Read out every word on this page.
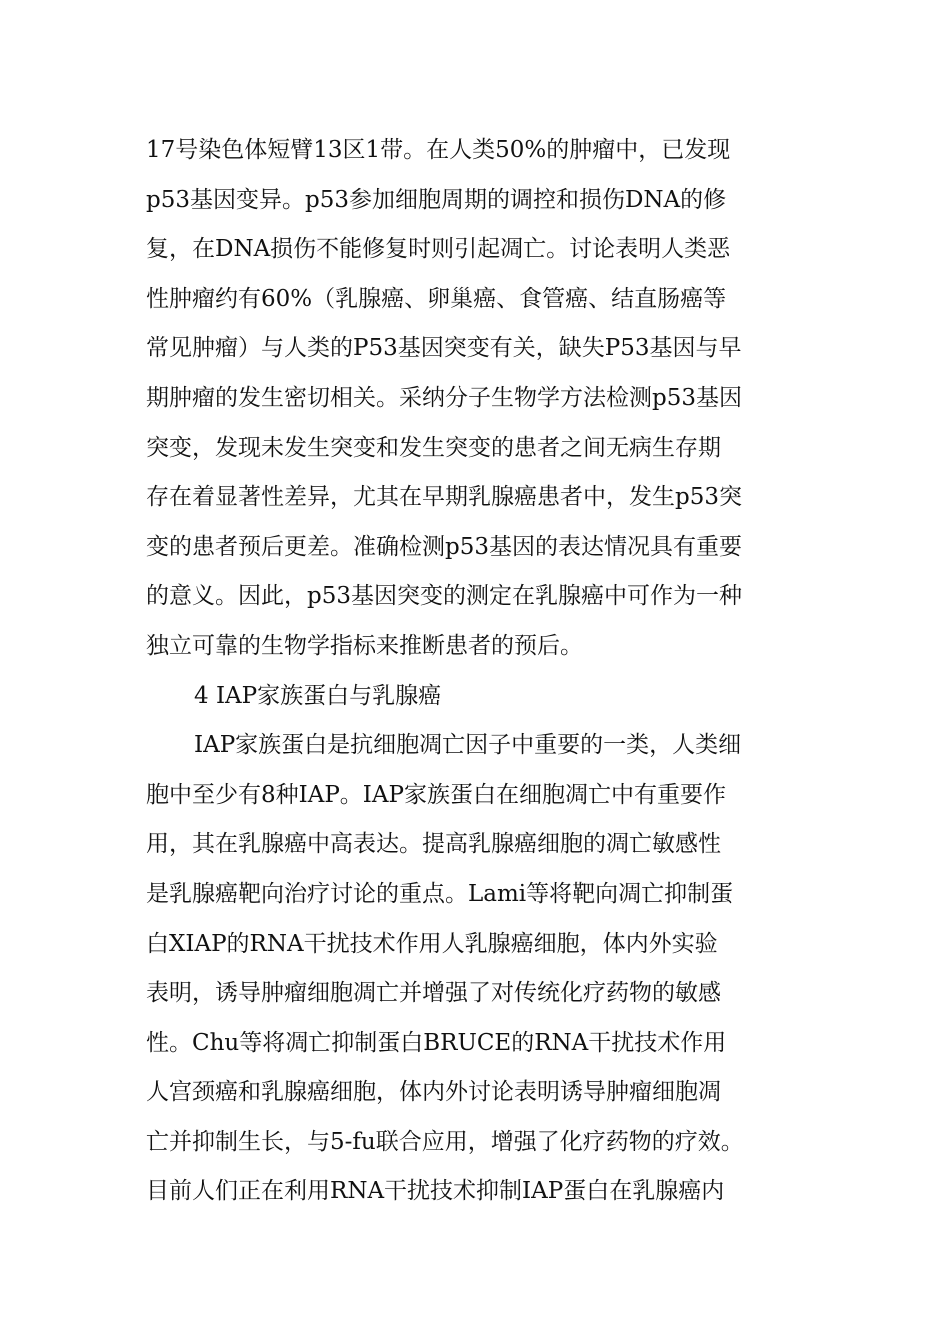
17号染色体短臂13区1带。在人类50%的肿瘤中，已发现
p53基因变异。p53参加细胞周期的调控和损伤DNA的修
复，在DNA损伤不能修复时则引起凋亡。讨论表明人类恶
性肿瘤约有60%（乳腺癌、卵巢癌、食管癌、结直肠癌等
常见肿瘤）与人类的P53基因突变有关，缺失P53基因与早
期肿瘤的发生密切相关。采纳分子生物学方法检测p53基因
突变，发现未发生突变和发生突变的患者之间无病生存期
存在着显著性差异，尤其在早期乳腺癌患者中，发生p53突
变的患者预后更差。准确检测p53基因的表达情况具有重要
的意义。因此，p53基因突变的测定在乳腺癌中可作为一种
独立可靠的生物学指标来推断患者的预后。
4 IAP家族蛋白与乳腺癌
IAP家族蛋白是抗细胞凋亡因子中重要的一类，人类细
胞中至少有8种IAP。IAP家族蛋白在细胞凋亡中有重要作
用，其在乳腺癌中高表达。提高乳腺癌细胞的凋亡敏感性
是乳腺癌靶向治疗讨论的重点。Lami等将靶向凋亡抑制蛋
白XIAP的RNA干扰技术作用人乳腺癌细胞，体内外实验
表明，诱导肿瘤细胞凋亡并增强了对传统化疗药物的敏感
性。Chu等将凋亡抑制蛋白BRUCE的RNA干扰技术作用
人宫颈癌和乳腺癌细胞，体内外讨论表明诱导肿瘤细胞凋
亡并抑制生长，与5-fu联合应用，增强了化疗药物的疗效。
目前人们正在利用RNA干扰技术抑制IAP蛋白在乳腺癌内
